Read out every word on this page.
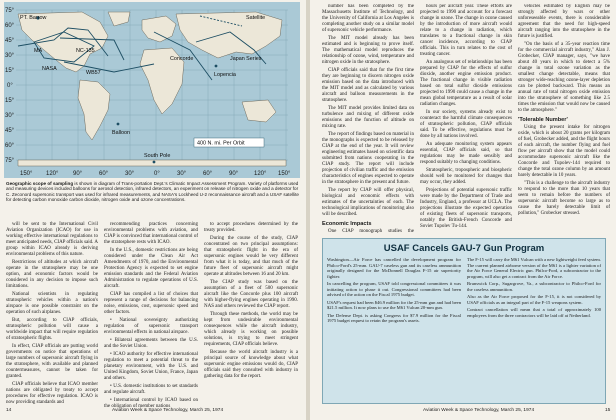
PT. Barrow	Satellite
MA	NC-135
WB57
NASA
Japan Series
Lopencia
Concorde
Balloon
South Pole
400 N. mi. Per Orbit
150° 120° 90°	60°	30°	0°	30°	60°	90°	120° 150°
75°
60°
45°
30°
15°
0°
15°
30°
45°
60°
75°
Geographic scope of sampling is shown in diagram of Trans-portation Dept.'s Climatic Impact Assessment Program. Variety of platforms used and measuring devices included balloons for aerosol detection, infrared detectors, an experiment on release of nitrogen oxide and a detector for C. Zeconord supersonic transport was used for infrared measurements, and NASA's Lockheed U-2 reconnaissance aircraft and a USAF satellite for detecting carbon monoxide carbon dioxide, nitrogen oxide and ozone concentrations.

will be sent to the International Civil Aviation Organization (ICAO) for use in working effective international regulations to meet anticipated needs, CIAP officials said. A group within ICAO already is deriving environmental problems of this nature.

Restrictions of altitudes at which aircraft operate in the stratosphere may be one option, and economic factors would be considered in any decision to impose such limitations.

National scientists in regulating stratospheric vehicles within a nation's airspace is one possible constraint on the operation of such airplanes.

But, according to CIAP officials, stratospheric pollution will cause a worldwide impact that will require regulation of stratospheric flights.

In effect, CIAP officials are putting world governments on notice that operations of large numbers of supersonic aircraft flying in the stratosphere, with available and planned countermeasures, cannot be taken for granted.

CIAP officials believe that ICAO member nations are obligated by treaty to accept procedures for effective regulation. ICAO is now providing standards and

recommending practices concerning environmental problems with aviation, and CIAP is convinced that international control of the stratosphere rests with ICAO.

In the U.S., domestic restrictions are being considered under the Clean Air Act Amendments of 1970, and the Environmental Protection Agency is expected to set engine emission standards and the Federal Aviation Administration to regulate operations of U.S. aircraft.

CIAP has compiled a list of choices that represent a range of decisions for balancing noise, emissions, cost, supersonic speed and other factors.

• National sovereignty authorizing regulation of supersonic transport environmental effects in national airspace.

• Bilateral agreements between the U.S. and the Soviet Union.

• ICAO authority for effective international regulation to meet a potential threat to the planetary environment, with the U.S. and United Kingdom, Soviet Union, France, Japan and others.

• U.S. domestic institutions to set standards and regulate aircraft.

• International control by ICAO based on the obligation of member nations

to accept procedures determined by the treaty provided.

During the course of the study, CIAP concentrated on two principal assumptions: that stratospheric flight in the era of supersonic engines would be very different from what it is today, and that much of the future fleet of supersonic aircraft might operate at altitudes between 16 and 20 km.

The CIAP study was based on the assumption of a fleet of 500 supersonic aircraft like the Concorde plus 100 aircraft with higher-flying engines operating in 1990. NAS and others reviewed the CIAP report.

Through these methods, the world may be kept from undesirable environmental consequences while the aircraft industry, which already is working on possible solutions, is trying to meet stringent requirements, CIAP officials believe.

Because the world aircraft industry is a principal source of knowledge about what supersonic engine emissions would do, CIAP officials said they consulted with industry in gathering data for the report.

14	Aviation Week & Space Technology, March 25, 1974

number has been completed by the Massachusetts Institute of Technology, and the University of California at Los Angeles is completing another study on a similar model of supersonic vehicle performance.

The MIT model already has been estimated and is beginning to prove itself. The mathematical model reproduces the relationship of ozone, wind, temperature and nitrogen oxide in the stratosphere.

CIAP officials said that for the first time they are beginning to discern nitrogen oxide emission based on the data introduced with the MIT model and as calculated by various aircraft and balloon measurements in the stratosphere.

The MIT model provides limited data on turbulence and mixing of different oxide emissions and the function of altitude on mixing rate.

The report of findings based on material in the monographs is expected to be released by CIAP at the end of the year. It will review engineering estimates based on scientific data submitted from nations cooperating in the CIAP study. The report will include projection of civilian traffic and the emission characteristics of engines expected to operate in the stratosphere in the present and future.

The report by CIAP will offer physical, biological and economic effects with estimates of the uncertainties of each. The technological implications of monitoring also will be described.

Economic Impacts

One CIAP monograph studies the

hours per aircraft year. These efforts are projected to 1990 and account for a forecast change in ozone. The change in ozone caused by the introduction of more aircraft would relate to a change in radiation, which translates to a fractional change in skin cancer incidence, according to CIAP officials. This in turn relates to the cost of treating cancer.

An analogous set of relationships has been prepared by CIAP for the effects of sulfur dioxide, another engine emission product. The fractional change in visible radiation based on total sulfur dioxide emissions projected to 1990 could cause a change in the mean global temperature as a result of solar radiation changes.

In our society, systems already exist to counteract the harmful climate consequences of stratospheric pollution, CIAP officials said. To be effective, regulations must be done by all nations involved.

An adequate monitoring system appears essential, CIAP officials said, so that regulations may be made sensibly and respond suitably to changing conditions.

Stratospheric, tropospheric and biospheric should well be monitored for changes that may occur, they added.

Projections of potential supersonic traffic were made by the Department of Trade and Industry, England, a professor at UCLA. The projections illustrate the expected operation of existing fleets of supersonic transports, notably the British-French Concorde and Soviet Tupolev Tu-144.

vehicles estimated by English may be strongly affected by wars or other unforeseeable events, there is considerable agreement that the need for high-speed aircraft ranging into the stratosphere in the future is justified.

"On the basis of a 35-year reaction time for the commercial aircraft industry," Alan J. Grobecker, CIAP manager, says, "we have about 40 years in which to detect a 5% change in total ozone variation as the smallest change detectable, means that stronger wide-reaching ozone-layer depletion can be plotted backward. This means an annual rate of total nitrogen oxide emission into the stratosphere of something like 2.5 times the emission that would now be caused to the atmosphere."

'Tolerable Number'

Using the present intake for nitrogen oxide, which is about 20 grams per kilogram of fuel, Grobecker added, and the flight hours of each aircraft, the number flying and fuel flow per aircraft show that the model could accommodate supersonic aircraft like the Concorde and Tupolev-144 required to change the total ozone column by an amount barely detectable in 10 years.

"This is a challenge to the aircraft industry to respond to the more than 10 years that seem to remain before the numbers of supersonic aircraft become so large as to cause the barely detectable limit of pollution," Grobecker stressed.

Aviation Week & Space Technology, March 25, 1974	15
USAF Cancels GAU-7 Gun Program

Washington—Air Force has cancelled the development program for Philco-Ford's 25-mm. GAU-7 caseless gun and its caseless ammunition originally designed for the McDonnell Douglas F-15 air superiority fighter.

In cancelling the program, USAF told congressional committees it was initiating action to phase it out. Congressional committees had been advised of the action on the Fiscal 1975 budget.

USAF's request had been $46.9 million for the 25-mm gun and had been $21.5 million. It now plans to use the M61 Vulcan 20-mm gun.

The Defense Dept. is asking Congress for $7.9 million for the Fiscal 1975 budget request to retain the program's assets.

The F-15 will carry the M61 Vulcan with a new lightweight feed system. The current planned airborne version of the M61 is a lighter variation of the Air Force General Electric gun. Philco-Ford, a subcontractor to the program, will also get a contract from the Air Force.

Brunswick Corp., Sugargrove, Va., a subcontractor to Philco-Ford for the caseless ammunition.

Also as the Air Force proposed for the F-15, it is not considered by USAF officials as an integral part of the F-15 weapons system.

Contract cancellation will mean that a total of approximately 100 employees from the three contractors will be laid off at Netherland.
